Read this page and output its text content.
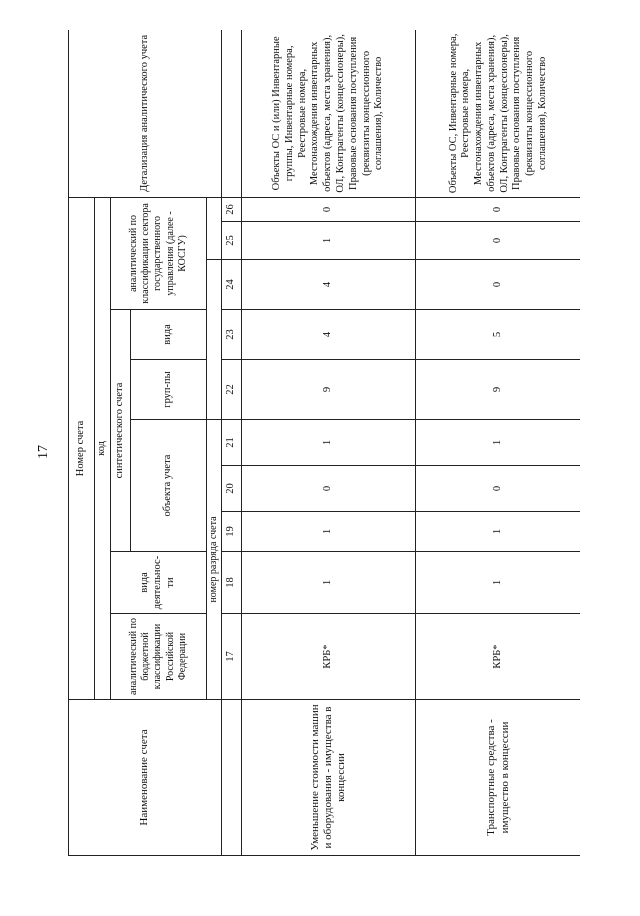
17
Наименование счета	Номер счета										Детализация аналитического учета
	код										
	аналитический по бюджетной классификации Российской Федерации	вида деятельнос-ти	синтетического счета					аналитический по классификации сектора государственного управления (далее - КОСГУ)			
			объекта учета			груп-пы	вида				

	номер разряда счета										
	17	18	19	20	21	22	23	24	25	26	
Уменьшение стоимости машин и оборудования - имущества в концессии	КРБ*	1	1	0	1	9	4	4	1	0	Объекты ОС и (или) Инвентарные группы, Инвентарные номера, Реестровые номера, Местонахождения инвентарных объектов (адреса, места хранения), ОЛ, Контрагенты (концессионеры), Правовые основания поступления (реквизиты концессионного соглашения), Количество
Транспортные средства - имущество в концессии	КРБ*	1	1	0	1	9	5	0	0	0	Объекты ОС, Инвентарные номера, Реестровые номера, Местонахождения инвентарных объектов (адреса, места хранения), ОЛ, Контрагенты (концессионеры), Правовые основания поступления (реквизиты концессионного соглашения), Количество
